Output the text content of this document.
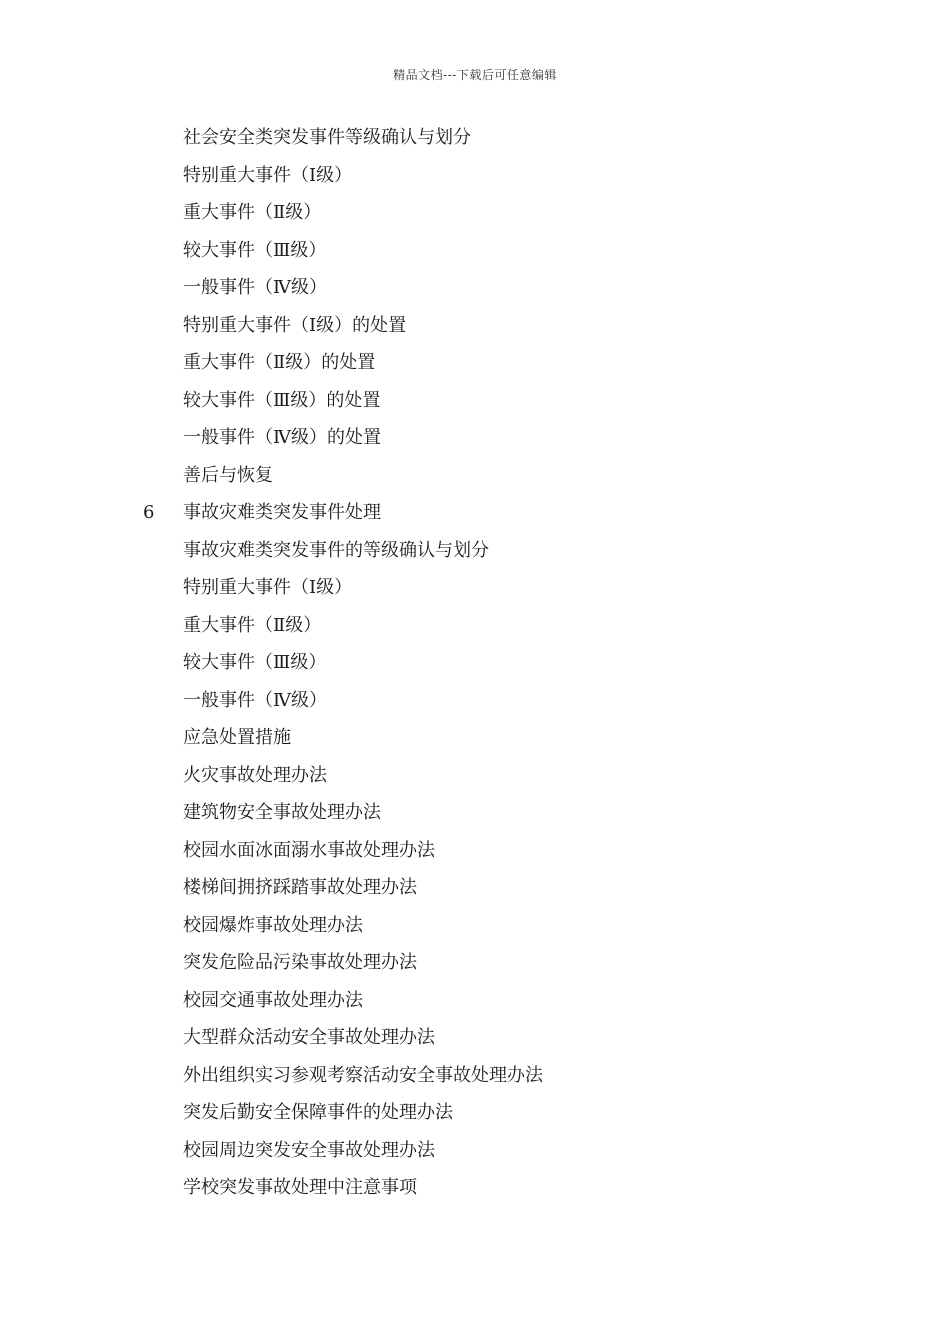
精品文档---下载后可任意编辑
社会安全类突发事件等级确认与划分
特别重大事件（Ⅰ级）
重大事件（Ⅱ级）
较大事件（Ⅲ级）
一般事件（Ⅳ级）
特别重大事件（Ⅰ级）的处置
重大事件（Ⅱ级）的处置
较大事件（Ⅲ级）的处置
一般事件（Ⅳ级）的处置
善后与恢复
6	事故灾难类突发事件处理
事故灾难类突发事件的等级确认与划分
特别重大事件（Ⅰ级）
重大事件（Ⅱ级）
较大事件（Ⅲ级）
一般事件（Ⅳ级）
应急处置措施
火灾事故处理办法
建筑物安全事故处理办法
校园水面冰面溺水事故处理办法
楼梯间拥挤踩踏事故处理办法
校园爆炸事故处理办法
突发危险品污染事故处理办法
校园交通事故处理办法
大型群众活动安全事故处理办法
外出组织实习参观考察活动安全事故处理办法
突发后勤安全保障事件的处理办法
校园周边突发安全事故处理办法
学校突发事故处理中注意事项
